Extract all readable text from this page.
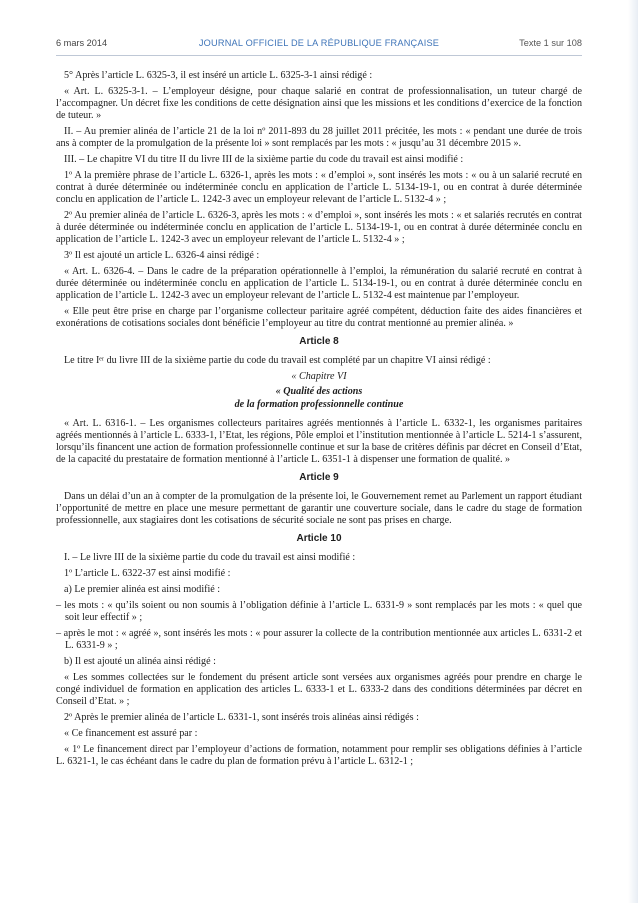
6 mars 2014	JOURNAL OFFICIEL DE LA RÉPUBLIQUE FRANÇAISE	Texte 1 sur 108
5° Après l’article L. 6325-3, il est inséré un article L. 6325-3-1 ainsi rédigé :
« Art. L. 6325-3-1. – L’employeur désigne, pour chaque salarié en contrat de professionnalisation, un tuteur chargé de l’accompagner. Un décret fixe les conditions de cette désignation ainsi que les missions et les conditions d’exercice de la fonction de tuteur. »
II. – Au premier alinéa de l’article 21 de la loi nº 2011-893 du 28 juillet 2011 précitée, les mots : « pendant une durée de trois ans à compter de la promulgation de la présente loi » sont remplacés par les mots : « jusqu’au 31 décembre 2015 ».
III. – Le chapitre VI du titre II du livre III de la sixième partie du code du travail est ainsi modifié :
1º A la première phrase de l’article L. 6326-1, après les mots : « d’emploi », sont insérés les mots : « ou à un salarié recruté en contrat à durée déterminée ou indéterminée conclu en application de l’article L. 5134-19-1, ou en contrat à durée déterminée conclu en application de l’article L. 1242-3 avec un employeur relevant de l’article L. 5132-4 » ;
2º Au premier alinéa de l’article L. 6326-3, après les mots : « d’emploi », sont insérés les mots : « et salariés recrutés en contrat à durée déterminée ou indéterminée conclu en application de l’article L. 5134-19-1, ou en contrat à durée déterminée conclu en application de l’article L. 1242-3 avec un employeur relevant de l’article L. 5132-4 » ;
3º Il est ajouté un article L. 6326-4 ainsi rédigé :
« Art. L. 6326-4. – Dans le cadre de la préparation opérationnelle à l’emploi, la rémunération du salarié recruté en contrat à durée déterminée ou indéterminée conclu en application de l’article L. 5134-19-1, ou en contrat à durée déterminée conclu en application de l’article L. 1242-3 avec un employeur relevant de l’article L. 5132-4 est maintenue par l’employeur.
« Elle peut être prise en charge par l’organisme collecteur paritaire agréé compétent, déduction faite des aides financières et exonérations de cotisations sociales dont bénéficie l’employeur au titre du contrat mentionné au premier alinéa. »
Article 8
Le titre Iᵉʳ du livre III de la sixième partie du code du travail est complété par un chapitre VI ainsi rédigé :
« Chapitre VI
« Qualité des actions
de la formation professionnelle continue
« Art. L. 6316-1. – Les organismes collecteurs paritaires agréés mentionnés à l’article L. 6332-1, les organismes paritaires agréés mentionnés à l’article L. 6333-1, l’Etat, les régions, Pôle emploi et l’institution mentionnée à l’article L. 5214-1 s’assurent, lorsqu’ils financent une action de formation professionnelle continue et sur la base de critères définis par décret en Conseil d’Etat, de la capacité du prestataire de formation mentionné à l’article L. 6351-1 à dispenser une formation de qualité. »
Article 9
Dans un délai d’un an à compter de la promulgation de la présente loi, le Gouvernement remet au Parlement un rapport étudiant l’opportunité de mettre en place une mesure permettant de garantir une couverture sociale, dans le cadre du stage de formation professionnelle, aux stagiaires dont les cotisations de sécurité sociale ne sont pas prises en charge.
Article 10
I. – Le livre III de la sixième partie du code du travail est ainsi modifié :
1º L’article L. 6322-37 est ainsi modifié :
a) Le premier alinéa est ainsi modifié :
– les mots : « qu’ils soient ou non soumis à l’obligation définie à l’article L. 6331-9 » sont remplacés par les mots : « quel que soit leur effectif » ;
– après le mot : « agréé », sont insérés les mots : « pour assurer la collecte de la contribution mentionnée aux articles L. 6331-2 et L. 6331-9 » ;
b) Il est ajouté un alinéa ainsi rédigé :
« Les sommes collectées sur le fondement du présent article sont versées aux organismes agréés pour prendre en charge le congé individuel de formation en application des articles L. 6333-1 et L. 6333-2 dans des conditions déterminées par décret en Conseil d’Etat. » ;
2º Après le premier alinéa de l’article L. 6331-1, sont insérés trois alinéas ainsi rédigés :
« Ce financement est assuré par :
« 1º Le financement direct par l’employeur d’actions de formation, notamment pour remplir ses obligations définies à l’article L. 6321-1, le cas échéant dans le cadre du plan de formation prévu à l’article L. 6312-1 ;
